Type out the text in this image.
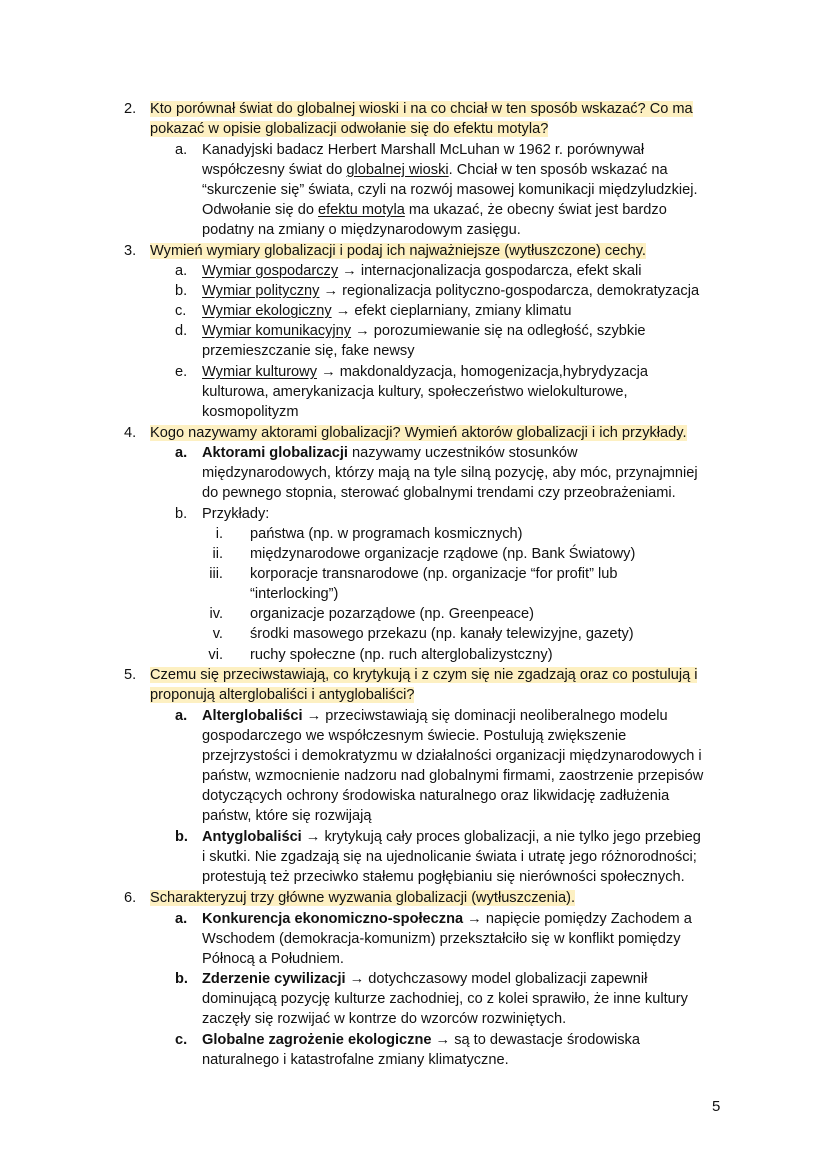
2. Kto porównał świat do globalnej wioski i na co chciał w ten sposób wskazać? Co ma
pokazać w opisie globalizacji odwołanie się do efektu motyla?
a. Kanadyjski badacz Herbert Marshall McLuhan w 1962 r. porównywał
współczesny świat do globalnej wioski. Chciał w ten sposób wskazać na
“skurczenie się” świata, czyli na rozwój masowej komunikacji międzyludzkiej.
Odwołanie się do efektu motyla ma ukazać, że obecny świat jest bardzo
podatny na zmiany o międzynarodowym zasięgu.
3. Wymień wymiary globalizacji i podaj ich najważniejsze (wytłuszczone) cechy.
a. Wymiar gospodarczy → internacjonalizacja gospodarcza, efekt skali
b. Wymiar polityczny → regionalizacja polityczno-gospodarcza, demokratyzacja
c. Wymiar ekologiczny → efekt cieplarniany, zmiany klimatu
d. Wymiar komunikacyjny → porozumiewanie się na odległość, szybkie
przemieszczanie się, fake newsy
e. Wymiar kulturowy → makdonaldyzacja, homogenizacja,hybrydyzacja
kulturowa, amerykanizacja kultury, społeczeństwo wielokulturowe,
kosmopolityzm
4. Kogo nazywamy aktorami globalizacji? Wymień aktorów globalizacji i ich przykłady.
a. Aktorami globalizacji nazywamy uczestników stosunków
międzynarodowych, którzy mają na tyle silną pozycję, aby móc, przynajmniej
do pewnego stopnia, sterować globalnymi trendami czy przeobrażeniami.
b. Przykłady:
i. państwa (np. w programach kosmicznych)
ii. międzynarodowe organizacje rządowe (np. Bank Światowy)
iii. korporacje transnarodowe (np. organizacje “for profit” lub
“interlocking”)
iv. organizacje pozarządowe (np. Greenpeace)
v. środki masowego przekazu (np. kanały telewizyjne, gazety)
vi. ruchy społeczne (np. ruch alterglobalizystczny)
5. Czemu się przeciwstawiają, co krytykują i z czym się nie zgadzają oraz co postulują i
proponują alterglobaliści i antyglobaliści?
a. Alterglobaliści → przeciwstawiają się dominacji neoliberalnego modelu
gospodarczego we współczesnym świecie. Postulują zwiększenie
przejrzystości i demokratyzmu w działalności organizacji międzynarodowych i
państw, wzmocnienie nadzoru nad globalnymi firmami, zaostrzenie przepisów
dotyczących ochrony środowiska naturalnego oraz likwidację zadłużenia
państw, które się rozwijają
b. Antyglobaliści → krytykują cały proces globalizacji, a nie tylko jego przebieg
i skutki. Nie zgadzają się na ujednolicanie świata i utratę jego różnorodności;
protestują też przeciwko stałemu pogłębianiu się nierówności społecznych.
6. Scharakteryzuj trzy główne wyzwania globalizacji (wytłuszczenia).
a. Konkurencja ekonomiczno-społeczna → napięcie pomiędzy Zachodem a
Wschodem (demokracja-komunizm) przekształciło się w konflikt pomiędzy
Północą a Południem.
b. Zderzenie cywilizacji → dotychczasowy model globalizacji zapewnił
dominującą pozycję kulturze zachodniej, co z kolei sprawiło, że inne kultury
zaczęły się rozwijać w kontrze do wzorców rozwiniętych.
c. Globalne zagrożenie ekologiczne → są to dewastacje środowiska
naturalnego i katastrofalne zmiany klimatyczne.
5
